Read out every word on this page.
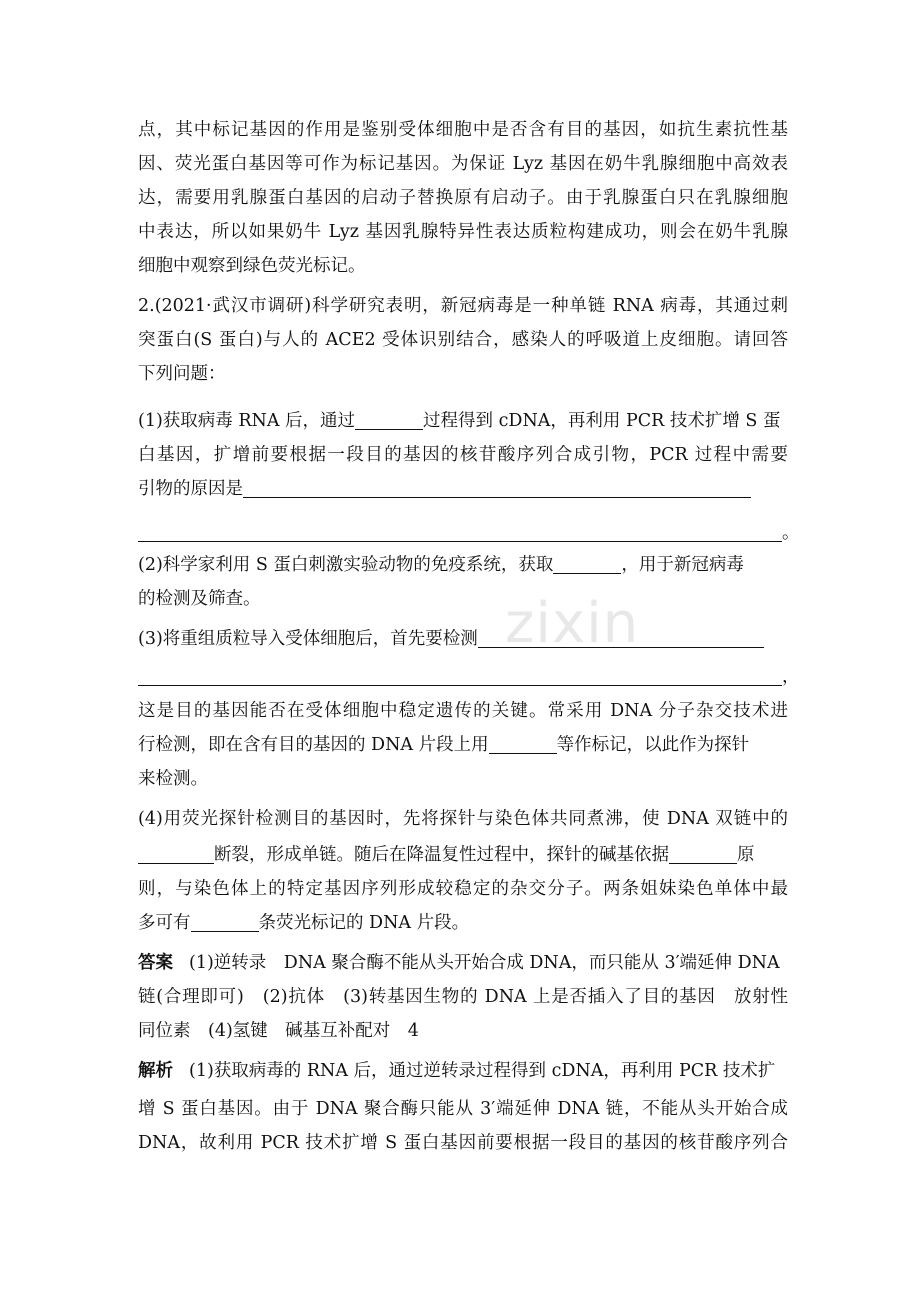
zixin
点，其中标记基因的作用是鉴别受体细胞中是否含有目的基因，如抗生素抗性基
因、荧光蛋白基因等可作为标记基因。为保证 Lyz 基因在奶牛乳腺细胞中高效表
达，需要用乳腺蛋白基因的启动子替换原有启动子。由于乳腺蛋白只在乳腺细胞
中表达，所以如果奶牛 Lyz 基因乳腺特异性表达质粒构建成功，则会在奶牛乳腺
细胞中观察到绿色荧光标记。
2.(2021·武汉市调研)科学研究表明，新冠病毒是一种单链 RNA 病毒，其通过刺
突蛋白(S 蛋白)与人的 ACE2 受体识别结合，感染人的呼吸道上皮细胞。请回答
下列问题：
(1)获取病毒 RNA 后，通过	过程得到 cDNA，再利用 PCR 技术扩增 S 蛋
白基因，扩增前要根据一段目的基因的核苷酸序列合成引物，PCR 过程中需要
引物的原因是
。
(2)科学家利用 S 蛋白刺激实验动物的免疫系统，获取	，用于新冠病毒
的检测及筛查。
(3)将重组质粒导入受体细胞后，首先要检测
，
这是目的基因能否在受体细胞中稳定遗传的关键。常采用 DNA 分子杂交技术进
行检测，即在含有目的基因的 DNA 片段上用	等作标记，以此作为探针
来检测。
(4)用荧光探针检测目的基因时，先将探针与染色体共同煮沸，使 DNA 双链中的
断裂，形成单链。随后在降温复性过程中，探针的碱基依据	原
则，与染色体上的特定基因序列形成较稳定的杂交分子。两条姐妹染色单体中最
多可有	条荧光标记的 DNA 片段。
答案 (1)逆转录　DNA 聚合酶不能从头开始合成 DNA，而只能从 3′端延伸 DNA
链(合理即可)　(2)抗体　(3)转基因生物的 DNA 上是否插入了目的基因　放射性
同位素　(4)氢键　碱基互补配对　4
解析 (1)获取病毒的 RNA 后，通过逆转录过程得到 cDNA，再利用 PCR 技术扩
增 S 蛋白基因。由于 DNA 聚合酶只能从 3′端延伸 DNA 链，不能从头开始合成
DNA，故利用 PCR 技术扩增 S 蛋白基因前要根据一段目的基因的核苷酸序列合
